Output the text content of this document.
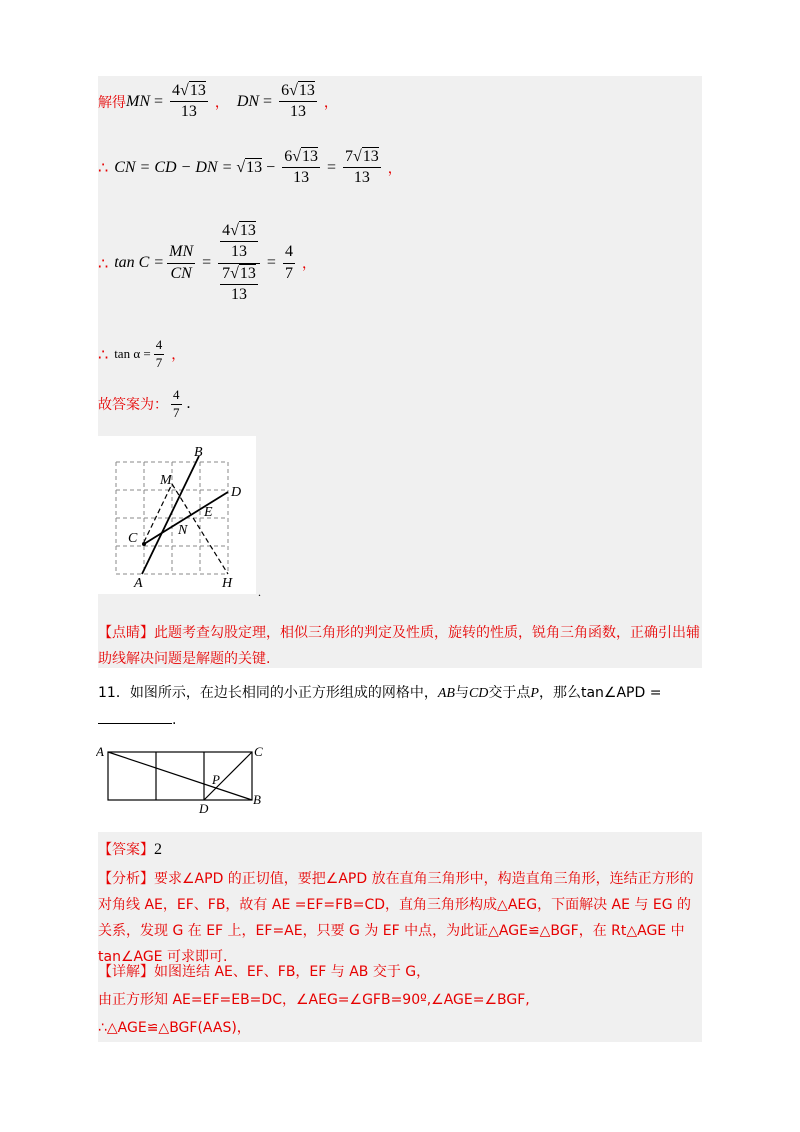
解得 MN = $\frac{4√13}{13}$ ， DN = $\frac{6√13}{13}$ ，
∴ CN = CD − DN = $√13 - \frac{6√13}{13} = \frac{7√13}{13}$ ，
∴ $\tan C = \frac{MN}{CN} = \frac{\frac{4√13}{13}}{\frac{7√13}{13}} = \frac{4}{7}$ ，
∴ $\tan \alpha = \frac{4}{7}$ ，
故答案为： $\frac{4}{7}$ .
B
M
D
E
N
C
A	H
.
【点睛】此题考查勾股定理，相似三角形的判定及性质，旋转的性质，锐角三角函数，正确引出辅助线解决问题是解题的关键.
11．如图所示，在边长相同的小正方形组成的网格中，AB与CD交于点P，那么tan∠APD =
.
A	C
P
D
B
【答案】2
【分析】要求∠APD 的正切值，要把∠APD 放在直角三角形中，构造直角三角形，连结正方形的对角线 AE，EF、FB，故有 AE =EF=FB=CD，直角三角形构成△AEG，下面解决 AE 与 EG 的关系，发现 G 在 EF 上，EF=AE，只要 G 为 EF 中点，为此证△AGE≌△BGF，在 Rt△AGE 中 tan∠AGE 可求即可.
【详解】如图连结 AE、EF、FB，EF 与 AB 交于 G，
由正方形知 AE=EF=EB=DC，∠AEG=∠GFB=90º,∠AGE=∠BGF,
∴△AGE≌△BGF(AAS)，
